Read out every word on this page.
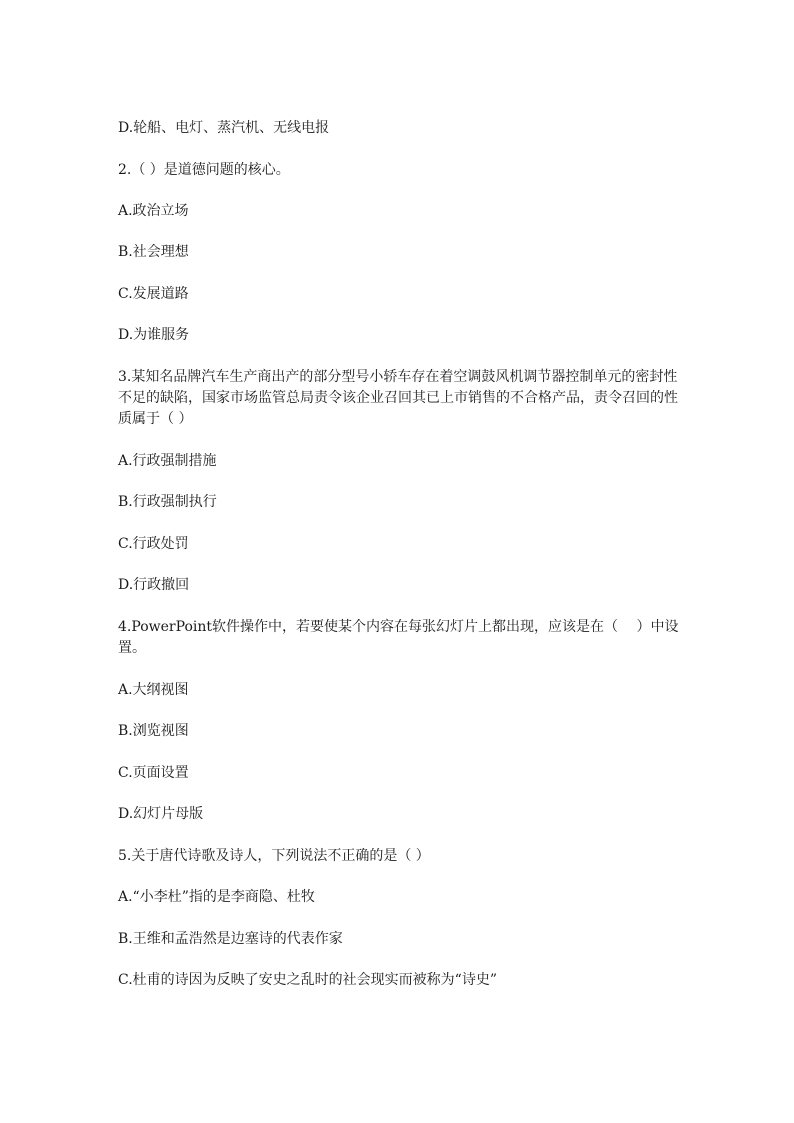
D.轮船、电灯、蒸汽机、无线电报
2.（ ）是道德问题的核心。
A.政治立场
B.社会理想
C.发展道路
D.为谁服务
3.某知名品牌汽车生产商出产的部分型号小轿车存在着空调鼓风机调节器控制单元的密封性不足的缺陷，国家市场监管总局责令该企业召回其已上市销售的不合格产品，责令召回的性质属于（ ）
A.行政强制措施
B.行政强制执行
C.行政处罚
D.行政撤回
4.PowerPoint软件操作中，若要使某个内容在每张幻灯片上都出现，应该是在（　 ）中设置。
A.大纲视图
B.浏览视图
C.页面设置
D.幻灯片母版
5.关于唐代诗歌及诗人，下列说法不正确的是（ ）
A.“小李杜”指的是李商隐、杜牧
B.王维和孟浩然是边塞诗的代表作家
C.杜甫的诗因为反映了安史之乱时的社会现实而被称为“诗史”
